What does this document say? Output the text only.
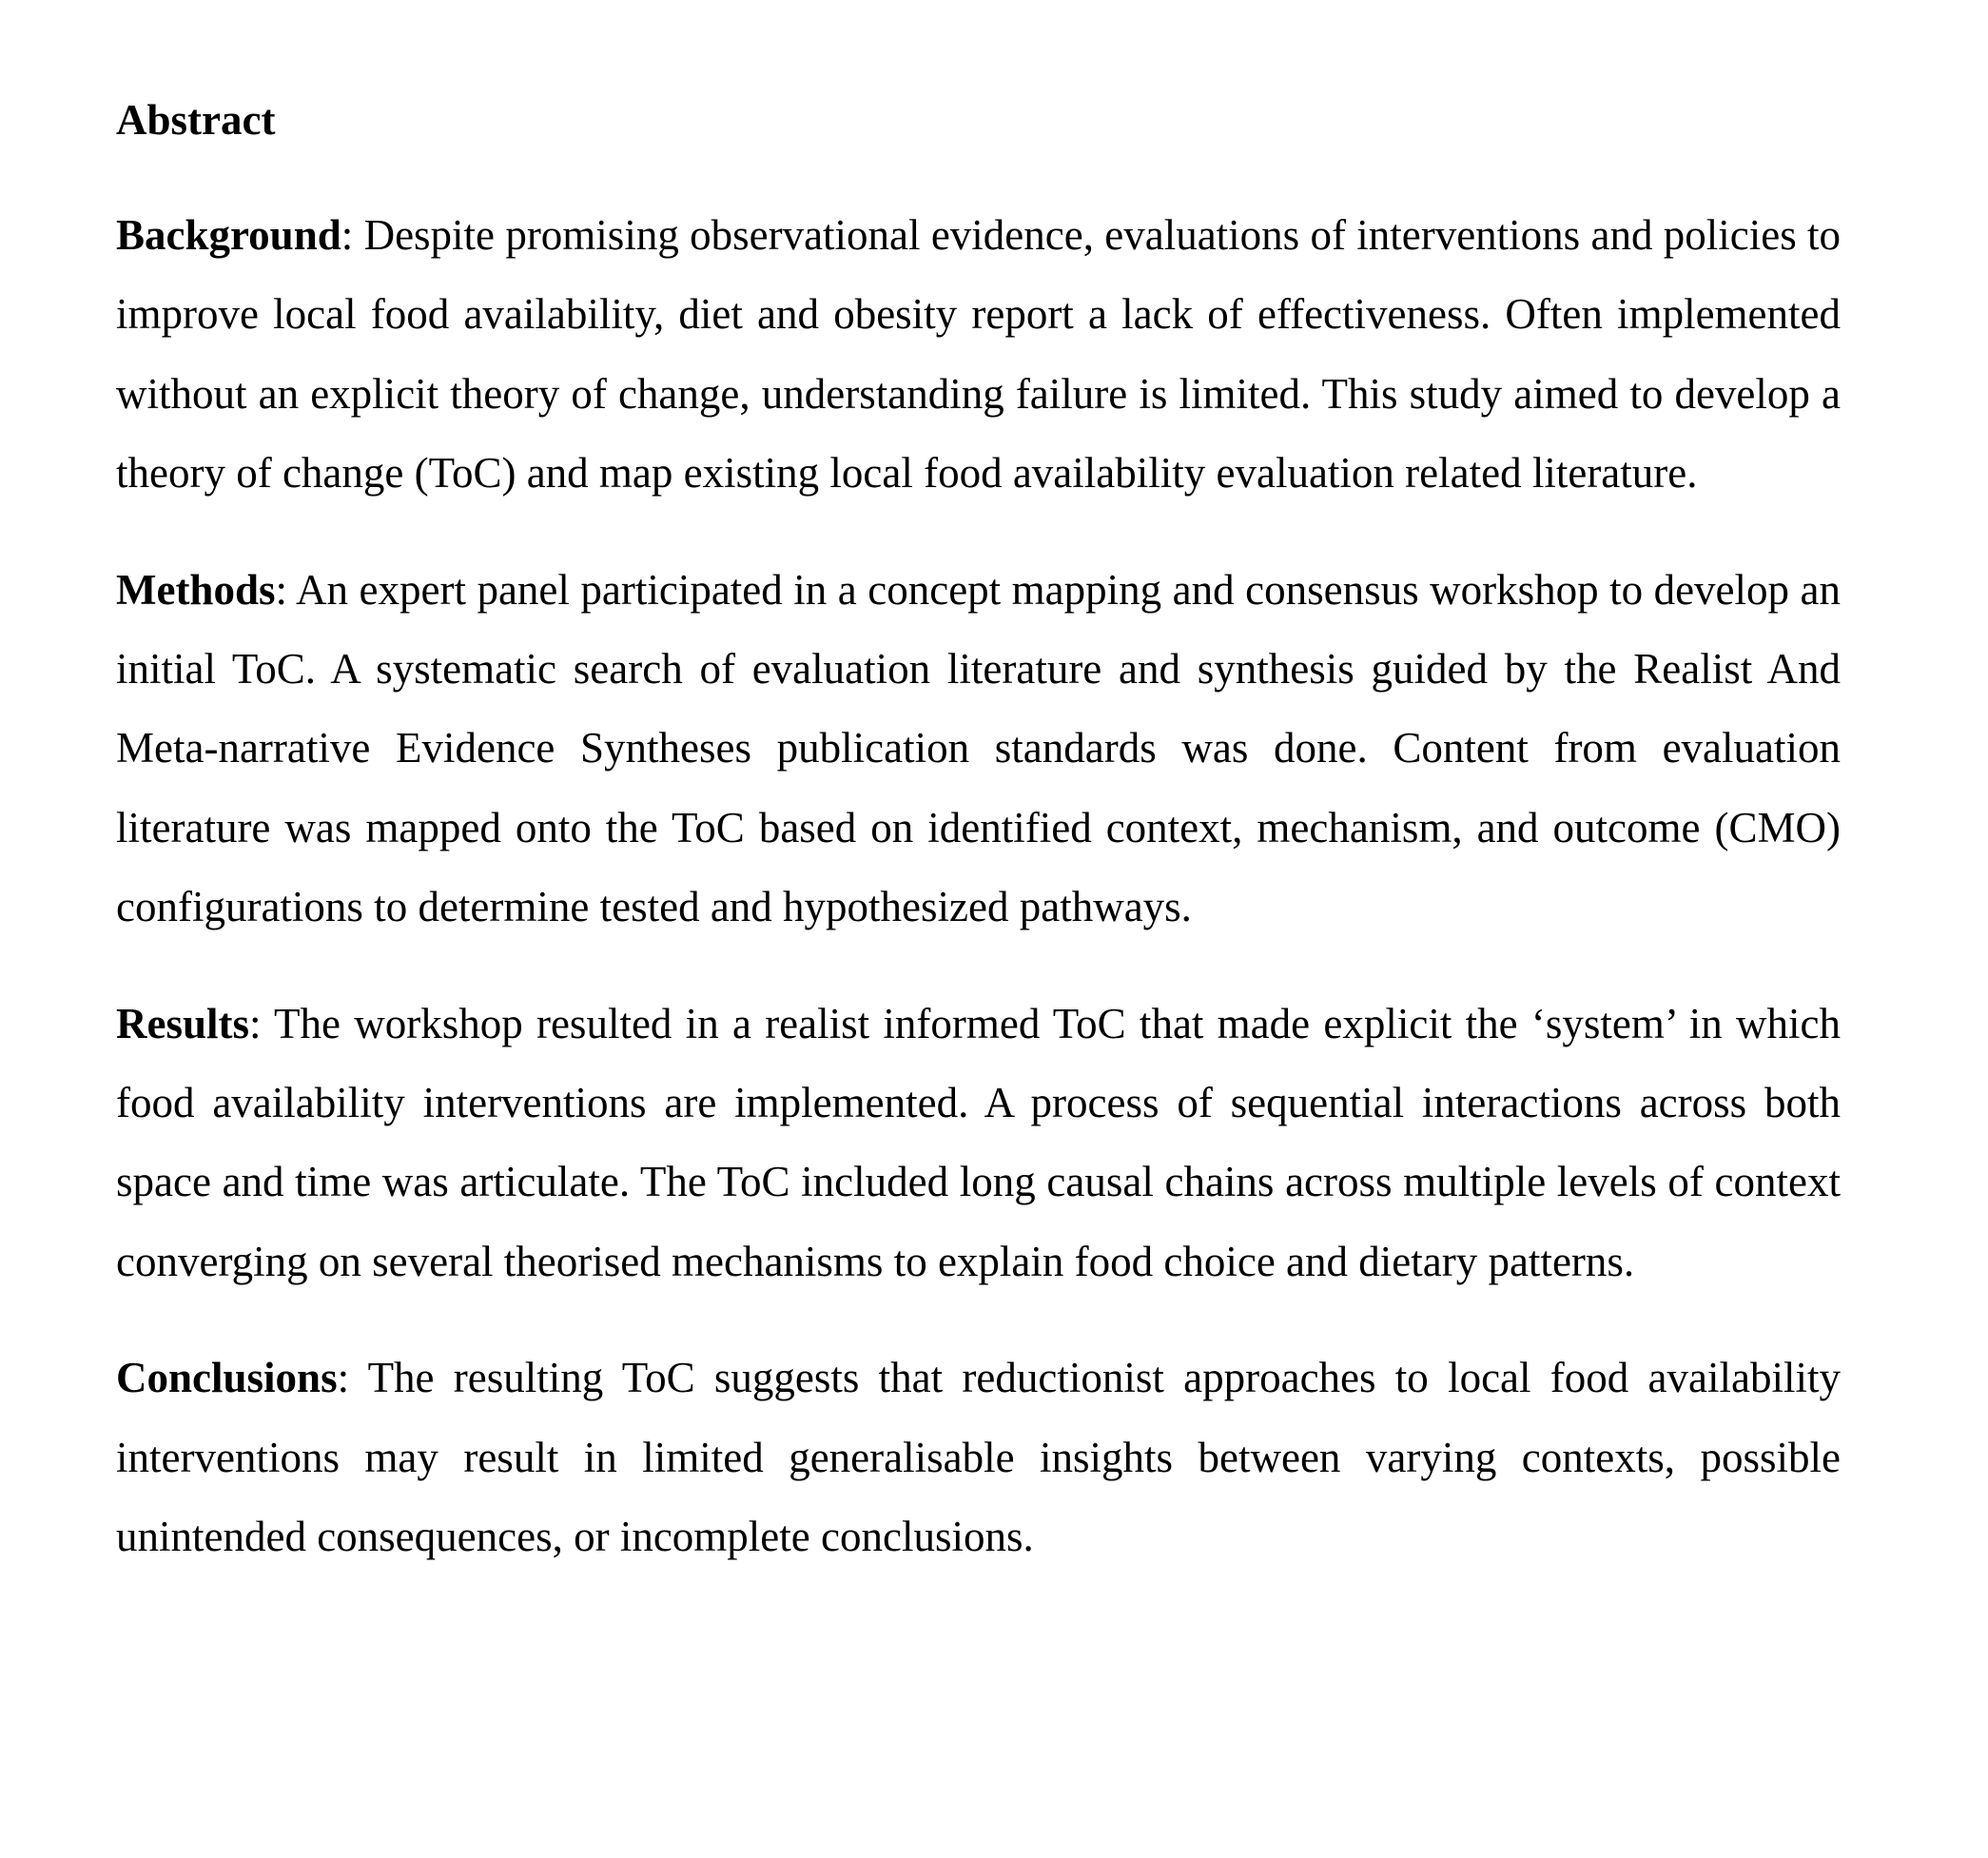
Abstract

Background: Despite promising observational evidence, evaluations of interventions and policies to improve local food availability, diet and obesity report a lack of effectiveness. Often implemented without an explicit theory of change, understanding failure is limited. This study aimed to develop a theory of change (ToC) and map existing local food availability evaluation related literature.

Methods: An expert panel participated in a concept mapping and consensus workshop to develop an initial ToC. A systematic search of evaluation literature and synthesis guided by the Realist And Meta-narrative Evidence Syntheses publication standards was done. Content from evaluation literature was mapped onto the ToC based on identified context, mechanism, and outcome (CMO) configurations to determine tested and hypothesized pathways.

Results: The workshop resulted in a realist informed ToC that made explicit the ‘system’ in which food availability interventions are implemented. A process of sequential interactions across both space and time was articulate. The ToC included long causal chains across multiple levels of context converging on several theorised mechanisms to explain food choice and dietary patterns.

Conclusions: The resulting ToC suggests that reductionist approaches to local food availability interventions may result in limited generalisable insights between varying contexts, possible unintended consequences, or incomplete conclusions.
